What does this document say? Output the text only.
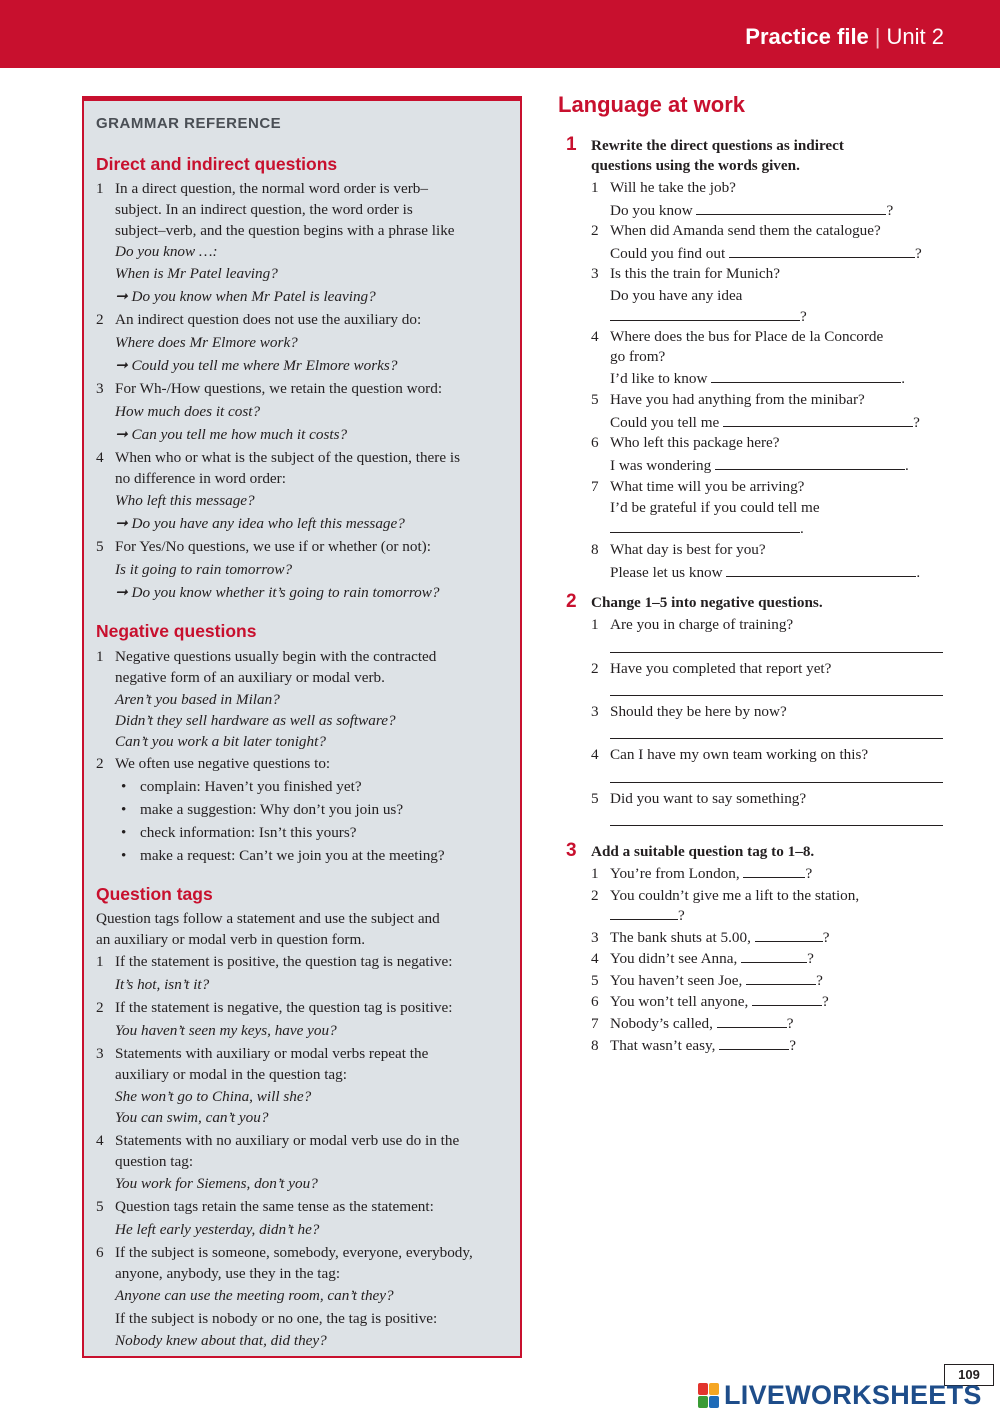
Practice file | Unit 2
GRAMMAR REFERENCE
Direct and indirect questions
1 In a direct question, the normal word order is verb–
subject. In an indirect question, the word order is
subject–verb, and the question begins with a phrase like
Do you know …:
When is Mr Patel leaving?
➞ Do you know when Mr Patel is leaving?
2 An indirect question does not use the auxiliary do:
Where does Mr Elmore work?
➞ Could you tell me where Mr Elmore works?
3 For Wh-/How questions, we retain the question word:
How much does it cost?
➞ Can you tell me how much it costs?
4 When who or what is the subject of the question, there is
no difference in word order:
Who left this message?
➞ Do you have any idea who left this message?
5 For Yes/No questions, we use if or whether (or not):
Is it going to rain tomorrow?
➞ Do you know whether it’s going to rain tomorrow?
Negative questions
1 Negative questions usually begin with the contracted
negative form of an auxiliary or modal verb.
Aren’t you based in Milan?
Didn’t they sell hardware as well as software?
Can’t you work a bit later tonight?
2 We often use negative questions to:
• complain: Haven’t you finished yet?
• make a suggestion: Why don’t you join us?
• check information: Isn’t this yours?
• make a request: Can’t we join you at the meeting?
Question tags
Question tags follow a statement and use the subject and
an auxiliary or modal verb in question form.
1 If the statement is positive, the question tag is negative:
It’s hot, isn’t it?
2 If the statement is negative, the question tag is positive:
You haven’t seen my keys, have you?
3 Statements with auxiliary or modal verbs repeat the
auxiliary or modal in the question tag:
She won’t go to China, will she?
You can swim, can’t you?
4 Statements with no auxiliary or modal verb use do in the
question tag:
You work for Siemens, don’t you?
5 Question tags retain the same tense as the statement:
He left early yesterday, didn’t he?
6 If the subject is someone, somebody, everyone, everybody,
anyone, anybody, use they in the tag:
Anyone can use the meeting room, can’t they?
If the subject is nobody or no one, the tag is positive:
Nobody knew about that, did they?
Language at work
1 Rewrite the direct questions as indirect
questions using the words given.
1 Will he take the job?
Do you know	?
2 When did Amanda send them the catalogue?
Could you find out	?
3 Is this the train for Munich?
Do you have any idea
?
4 Where does the bus for Place de la Concorde
go from?
I’d like to know	.
5 Have you had anything from the minibar?
Could you tell me	?
6 Who left this package here?
I was wondering	.
7 What time will you be arriving?
I’d be grateful if you could tell me
.
8 What day is best for you?
Please let us know	.
2 Change 1–5 into negative questions.
1 Are you in charge of training?
2 Have you completed that report yet?
3 Should they be here by now?
4 Can I have my own team working on this?
5 Did you want to say something?
3 Add a suitable question tag to 1–8.
1 You’re from London,	?
2 You couldn’t give me a lift to the station,
?
3 The bank shuts at 5.00,	?
4 You didn’t see Anna,	?
5 You haven’t seen Joe,	?
6 You won’t tell anyone,	?
7 Nobody’s called,	?
8 That wasn’t easy,	?
109
LIVEWORKSHEETS
